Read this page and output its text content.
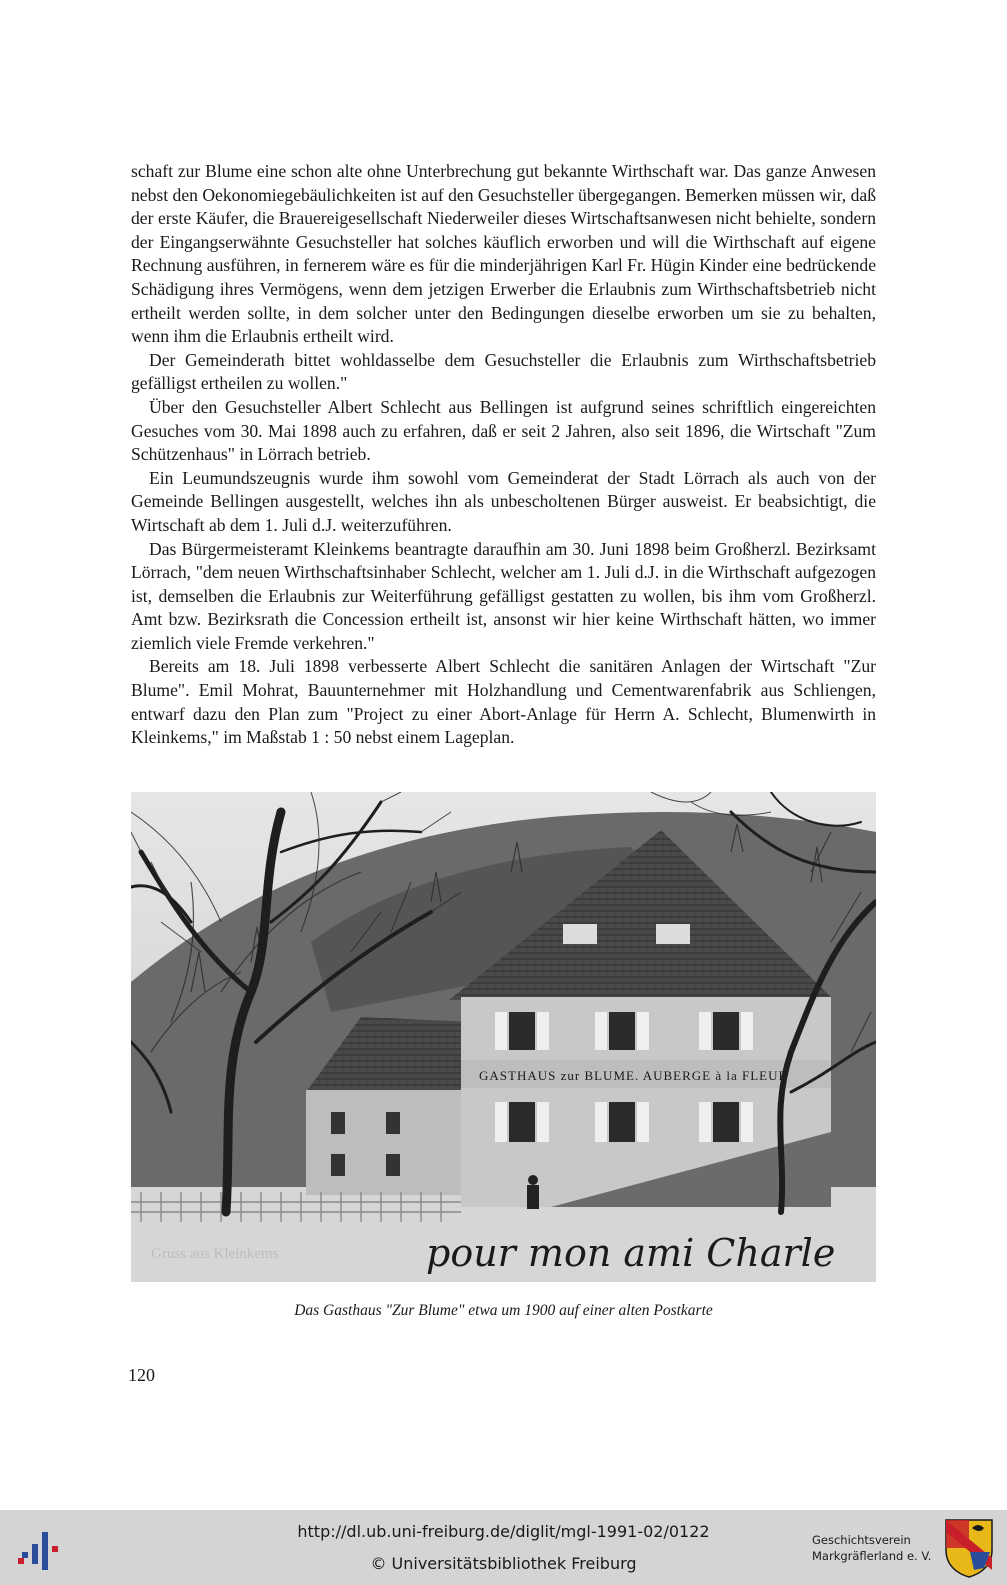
schaft zur Blume eine schon alte ohne Unterbrechung gut bekannte Wirthschaft war. Das ganze Anwesen nebst den Oekonomiegebäulichkeiten ist auf den Gesuchsteller übergegangen. Bemerken müssen wir, daß der erste Käufer, die Brauereigesellschaft Niederweiler dieses Wirtschaftsanwesen nicht behielte, sondern der Eingangserwähnte Gesuchsteller hat solches käuflich erworben und will die Wirthschaft auf eigene Rechnung ausführen, in fernerem wäre es für die minderjährigen Karl Fr. Hügin Kinder eine bedrückende Schädigung ihres Vermögens, wenn dem jetzigen Erwerber die Erlaubnis zum Wirthschaftsbetrieb nicht ertheilt werden sollte, in dem solcher unter den Bedingungen dieselbe erworben um sie zu behalten, wenn ihm die Erlaubnis ertheilt wird.

Der Gemeinderath bittet wohldasselbe dem Gesuchsteller die Erlaubnis zum Wirthschaftsbetrieb gefälligst ertheilen zu wollen."

Über den Gesuchsteller Albert Schlecht aus Bellingen ist aufgrund seines schriftlich eingereichten Gesuches vom 30. Mai 1898 auch zu erfahren, daß er seit 2 Jahren, also seit 1896, die Wirtschaft "Zum Schützenhaus" in Lörrach betrieb.

Ein Leumundszeugnis wurde ihm sowohl vom Gemeinderat der Stadt Lörrach als auch von der Gemeinde Bellingen ausgestellt, welches ihn als unbescholtenen Bürger ausweist. Er beabsichtigt, die Wirtschaft ab dem 1. Juli d.J. weiterzuführen.

Das Bürgermeisteramt Kleinkems beantragte daraufhin am 30. Juni 1898 beim Großherzl. Bezirksamt Lörrach, "dem neuen Wirthschaftsinhaber Schlecht, welcher am 1. Juli d.J. in die Wirthschaft aufgezogen ist, demselben die Erlaubnis zur Weiterführung gefälligst gestatten zu wollen, bis ihm vom Großherzl. Amt bzw. Bezirksrath die Concession ertheilt ist, ansonst wir hier keine Wirthschaft hätten, wo immer ziemlich viele Fremde verkehren."

Bereits am 18. Juli 1898 verbesserte Albert Schlecht die sanitären Anlagen der Wirtschaft "Zur Blume". Emil Mohrat, Bauunternehmer mit Holzhandlung und Cementwarenfabrik aus Schliengen, entwarf dazu den Plan zum "Project zu einer Abort-Anlage für Herrn A. Schlecht, Blumenwirth in Kleinkems," im Maßstab 1 : 50 nebst einem Lageplan.

GASTHAUS zur BLUME. AUBERGE à la FLEUR
Gruss aus Kleinkems	pour mon ami Charle
Das Gasthaus "Zur Blume" etwa um 1900 auf einer alten Postkarte
120
http://dl.ub.uni-freiburg.de/diglit/mgl-1991-02/0122
© Universitätsbibliothek Freiburg
Geschichtsverein
Markgräflerland e. V.
